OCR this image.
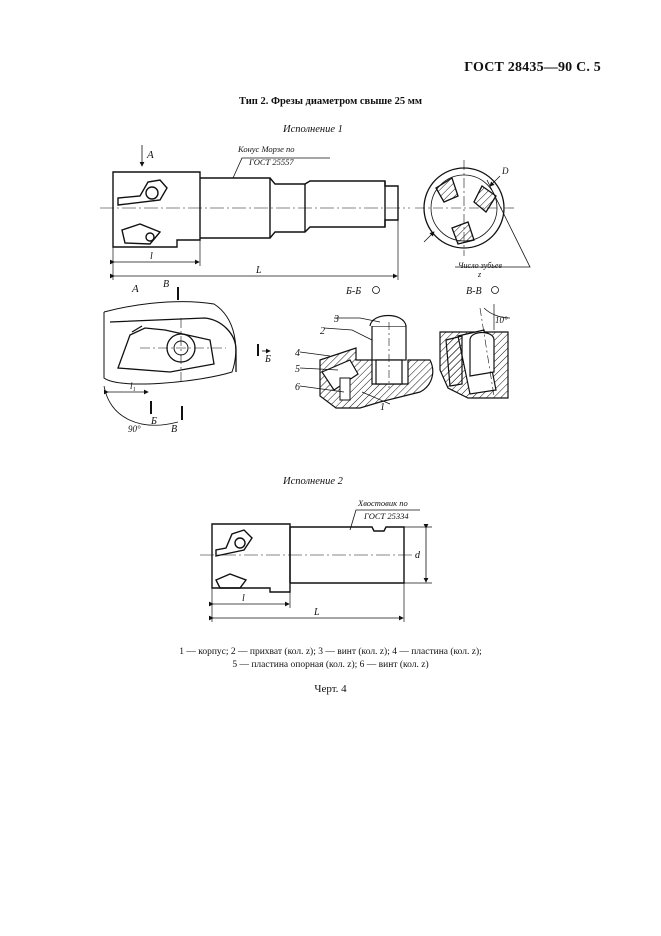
ГОСТ 28435—90 С. 5
Тип 2. Фрезы диаметром свыше 25 мм
Исполнение 1
Исполнение 2
A	Конус Морзе по
ГОСТ 25557
l
L
D
Число зубьев
z
A В
Б
Б
В
l₁
90°
Б-Б
2
3
4
5
6
1
В-В
10°
Хвостовик по
ГОСТ 25334
d
l
L
1 — корпус; 2 — прихват (кол. z); 3 — винт (кол. z); 4 — пластина (кол. z);
5 — пластина опорная (кол. z); 6 — винт (кол. z)
Черт. 4
